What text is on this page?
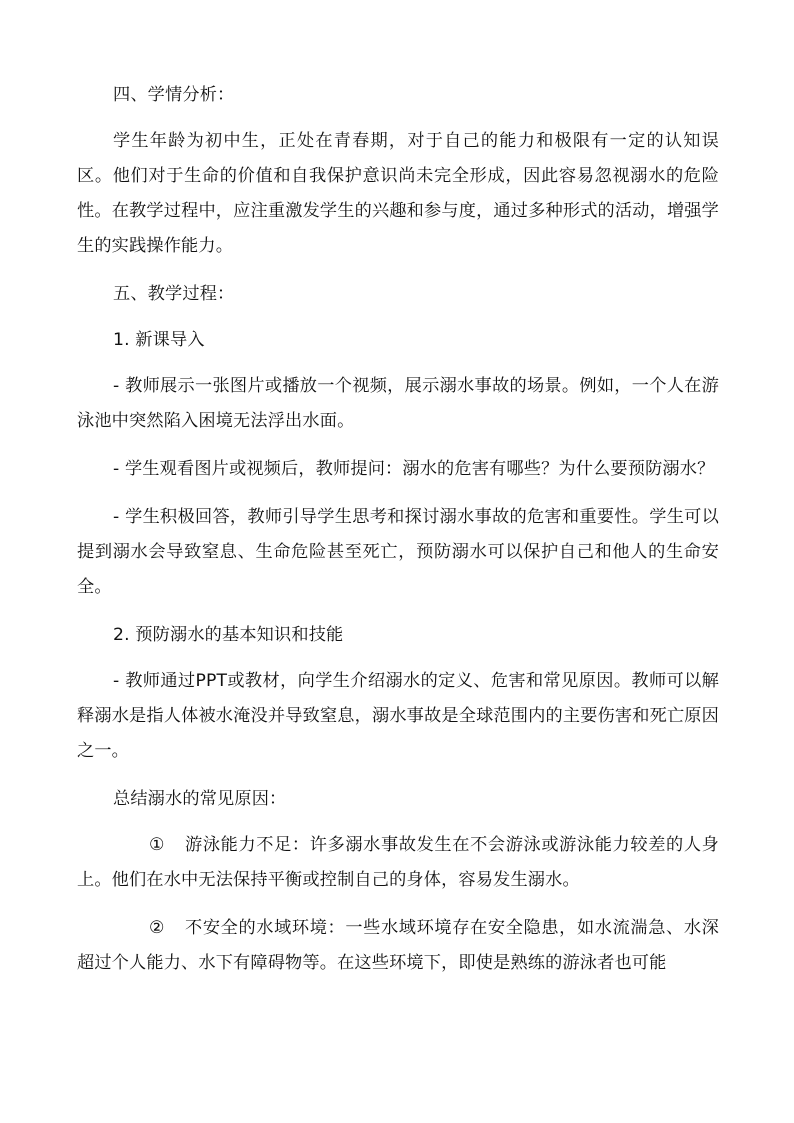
四、学情分析：

学生年龄为初中生，正处在青春期，对于自己的能力和极限有一定的认知误区。他们对于生命的价值和自我保护意识尚未完全形成，因此容易忽视溺水的危险性。在教学过程中，应注重激发学生的兴趣和参与度，通过多种形式的活动，增强学生的实践操作能力。

五、教学过程：

1. 新课导入

- 教师展示一张图片或播放一个视频，展示溺水事故的场景。例如，一个人在游泳池中突然陷入困境无法浮出水面。

- 学生观看图片或视频后，教师提问：溺水的危害有哪些？为什么要预防溺水？

- 学生积极回答，教师引导学生思考和探讨溺水事故的危害和重要性。学生可以提到溺水会导致窒息、生命危险甚至死亡，预防溺水可以保护自己和他人的生命安全。

2. 预防溺水的基本知识和技能

- 教师通过PPT或教材，向学生介绍溺水的定义、危害和常见原因。教师可以解释溺水是指人体被水淹没并导致窒息，溺水事故是全球范围内的主要伤害和死亡原因之一。

总结溺水的常见原因：

① 游泳能力不足：许多溺水事故发生在不会游泳或游泳能力较差的人身上。他们在水中无法保持平衡或控制自己的身体，容易发生溺水。

② 不安全的水域环境：一些水域环境存在安全隐患，如水流湍急、水深超过个人能力、水下有障碍物等。在这些环境下，即使是熟练的游泳者也可能
